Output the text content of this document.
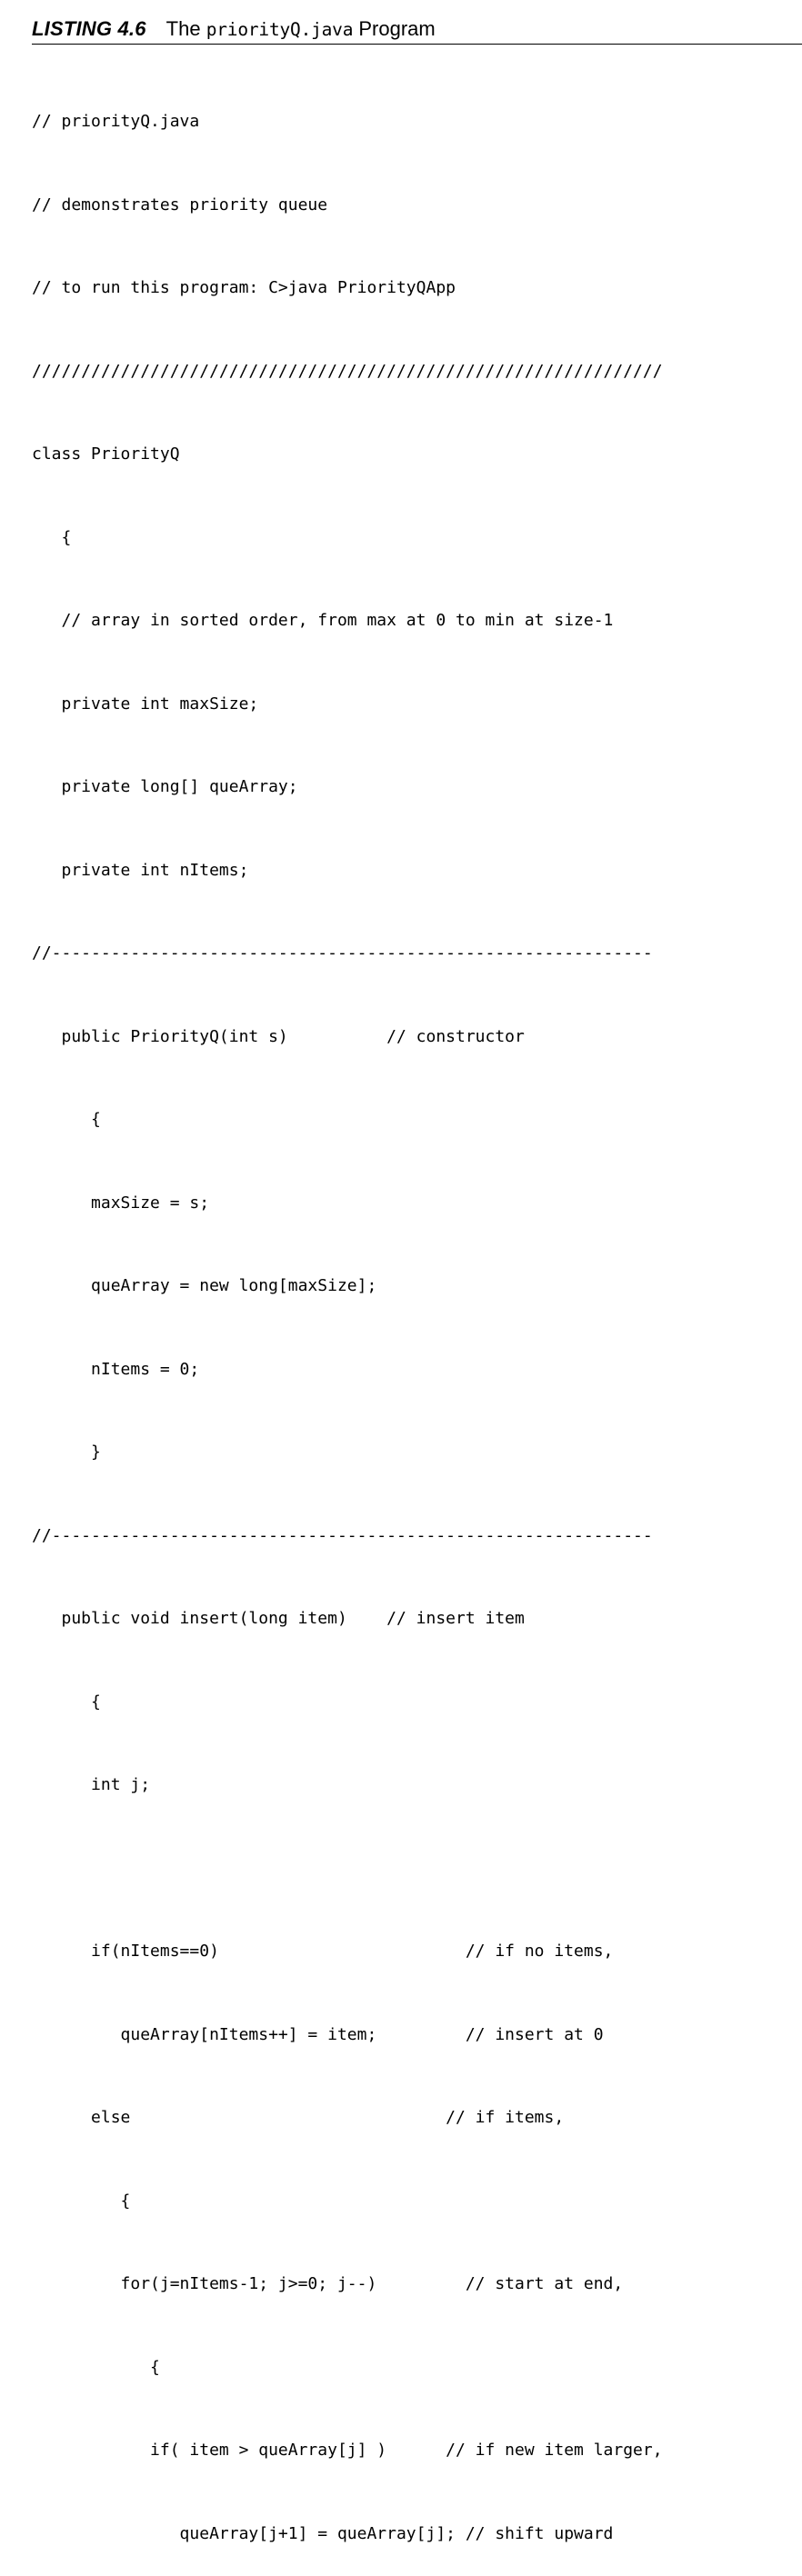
LISTING 4.6 The priorityQ.java Program

// priorityQ.java

// demonstrates priority queue

// to run this program: C>java PriorityQApp

////////////////////////////////////////////////////////////////

class PriorityQ

{

// array in sorted order, from max at 0 to min at size-1

private int maxSize;

private long[] queArray;

private int nItems;

//-------------------------------------------------------------

public PriorityQ(int s)          // constructor

{

maxSize = s;

queArray = new long[maxSize];

nItems = 0;

}

//-------------------------------------------------------------

public void insert(long item)    // insert item

{

int j;

if(nItems==0)                         // if no items,

queArray[nItems++] = item;         // insert at 0

else                                // if items,

{

for(j=nItems-1; j>=0; j--)         // start at end,

{

if( item > queArray[j] )      // if new item larger,

queArray[j+1] = queArray[j]; // shift upward
